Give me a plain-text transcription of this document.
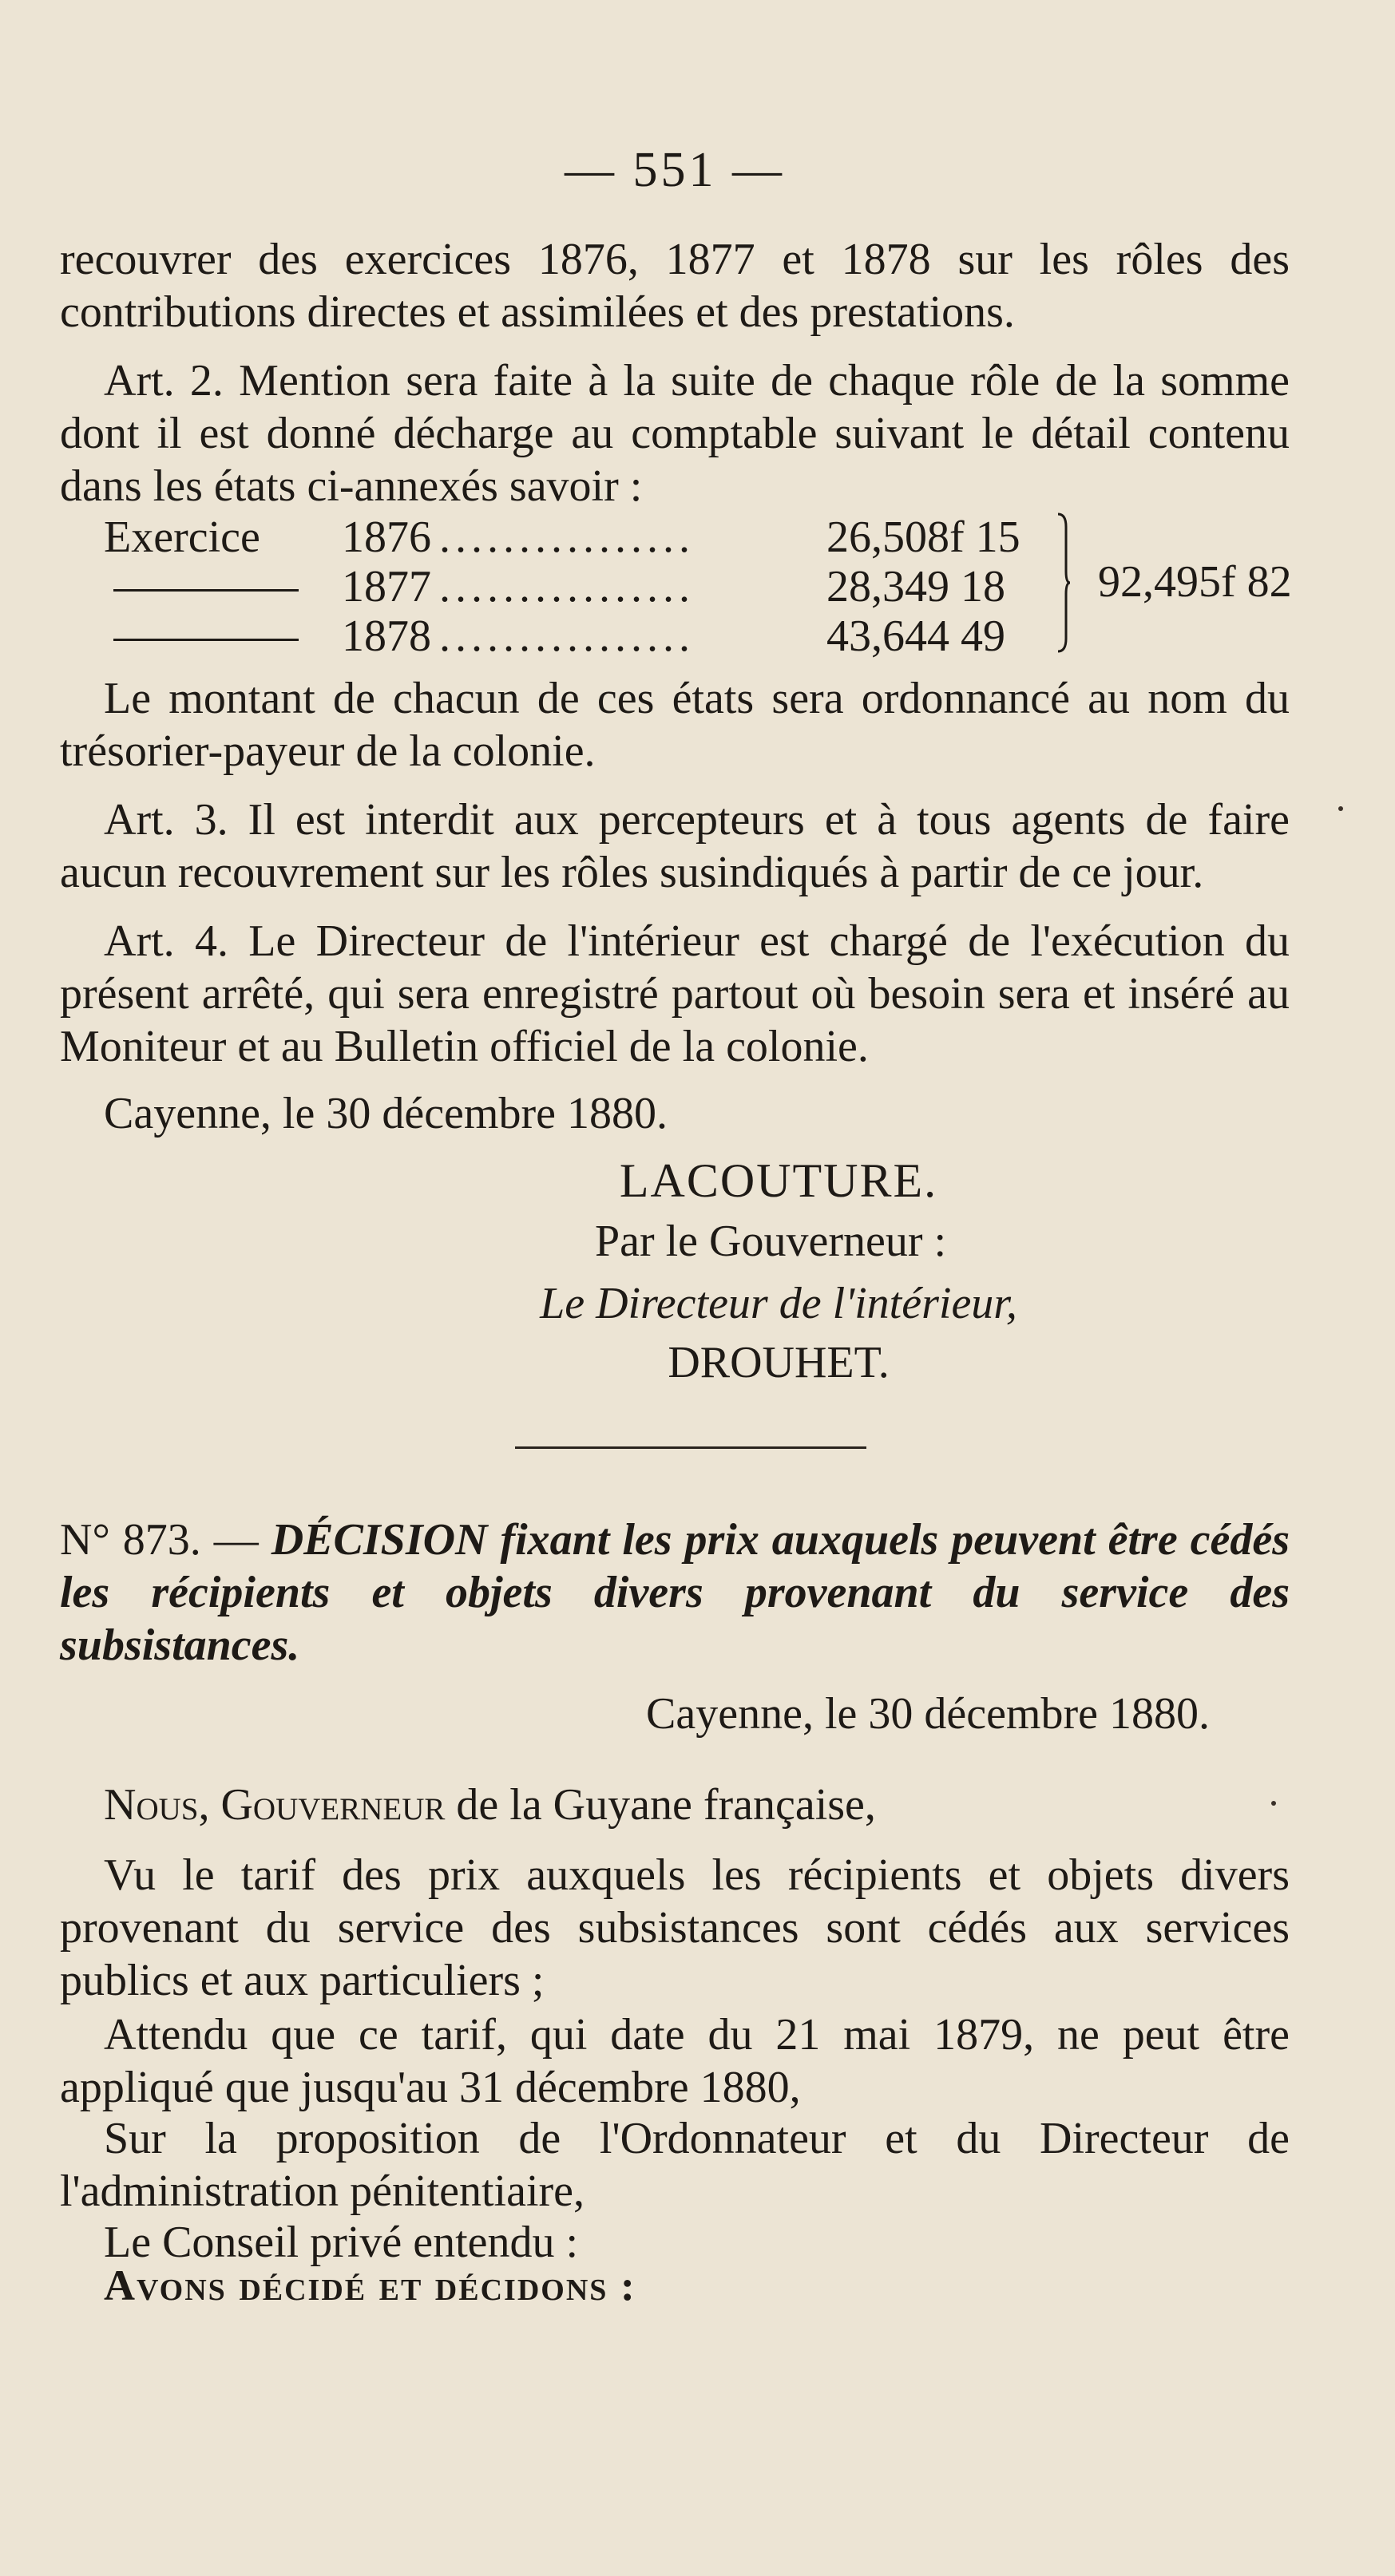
— 551 —

recouvrer des exercices 1876, 1877 et 1878 sur les rôles des contributions directes et assimilées et des prestations.

Art. 2. Mention sera faite à la suite de chaque rôle de la somme dont il est donné décharge au comptable suivant le détail contenu dans les états ci-annexés savoir :

Exercice 1876 ................	26,508f 15
1877 ................	28,349 18
1878 ................	43,644 49
92,495f 82

Le montant de chacun de ces états sera ordonnancé au nom du trésorier-payeur de la colonie.

Art. 3. Il est interdit aux percepteurs et à tous agents de faire aucun recouvrement sur les rôles susindiqués à partir de ce jour.

Art. 4. Le Directeur de l'intérieur est chargé de l'exécution du présent arrêté, qui sera enregistré partout où besoin sera et inséré au Moniteur et au Bulletin officiel de la colonie.

Cayenne, le 30 décembre 1880.
LACOUTURE.
Par le Gouverneur :
Le Directeur de l'intérieur,
DROUHET.

N° 873. — DÉCISION fixant les prix auxquels peuvent être cédés les récipients et objets divers provenant du service des subsistances.

Cayenne, le 30 décembre 1880.
Nous, Gouverneur de la Guyane française,

Vu le tarif des prix auxquels les récipients et objets divers provenant du service des subsistances sont cédés aux services publics et aux particuliers ;

Attendu que ce tarif, qui date du 21 mai 1879, ne peut être appliqué que jusqu'au 31 décembre 1880,

Sur la proposition de l'Ordonnateur et du Directeur de l'administration pénitentiaire,

Le Conseil privé entendu :
Avons décidé et décidons :
